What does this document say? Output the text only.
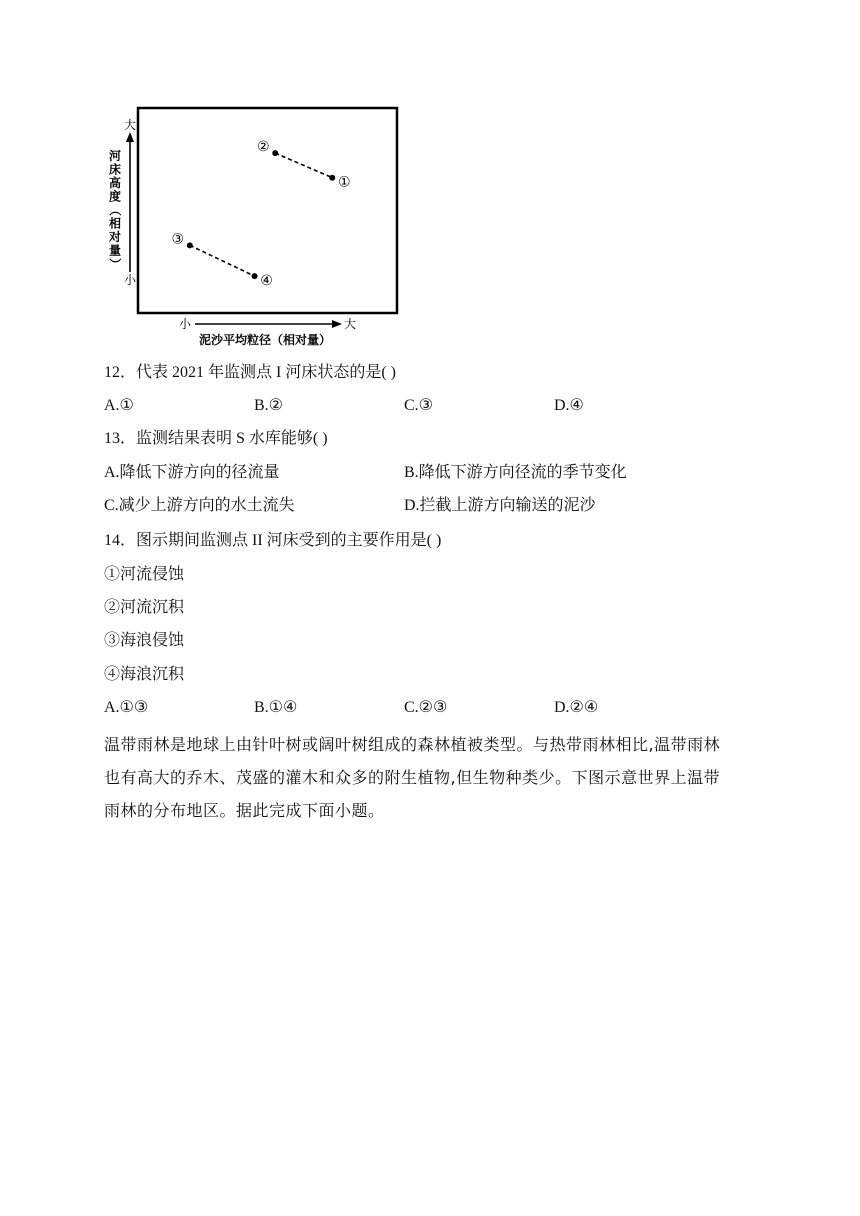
大
小
河
床
高
度
（
相
对
量
）
小	大
泥沙平均粒径（相对量）
②
①
③
④
12．代表 2021 年监测点 I 河床状态的是( )
A.①	B.②	C.③	D.④
13．监测结果表明 S 水库能够( )
A.降低下游方向的径流量	B.降低下游方向径流的季节变化
C.减少上游方向的水土流失	D.拦截上游方向输送的泥沙
14．图示期间监测点 II 河床受到的主要作用是( )
①河流侵蚀
②河流沉积
③海浪侵蚀
④海浪沉积
A.①③	B.①④	C.②③	D.②④
温带雨林是地球上由针叶树或阔叶树组成的森林植被类型。与热带雨林相比,温带雨林
也有高大的乔木、茂盛的灌木和众多的附生植物,但生物种类少。下图示意世界上温带
雨林的分布地区。据此完成下面小题。
